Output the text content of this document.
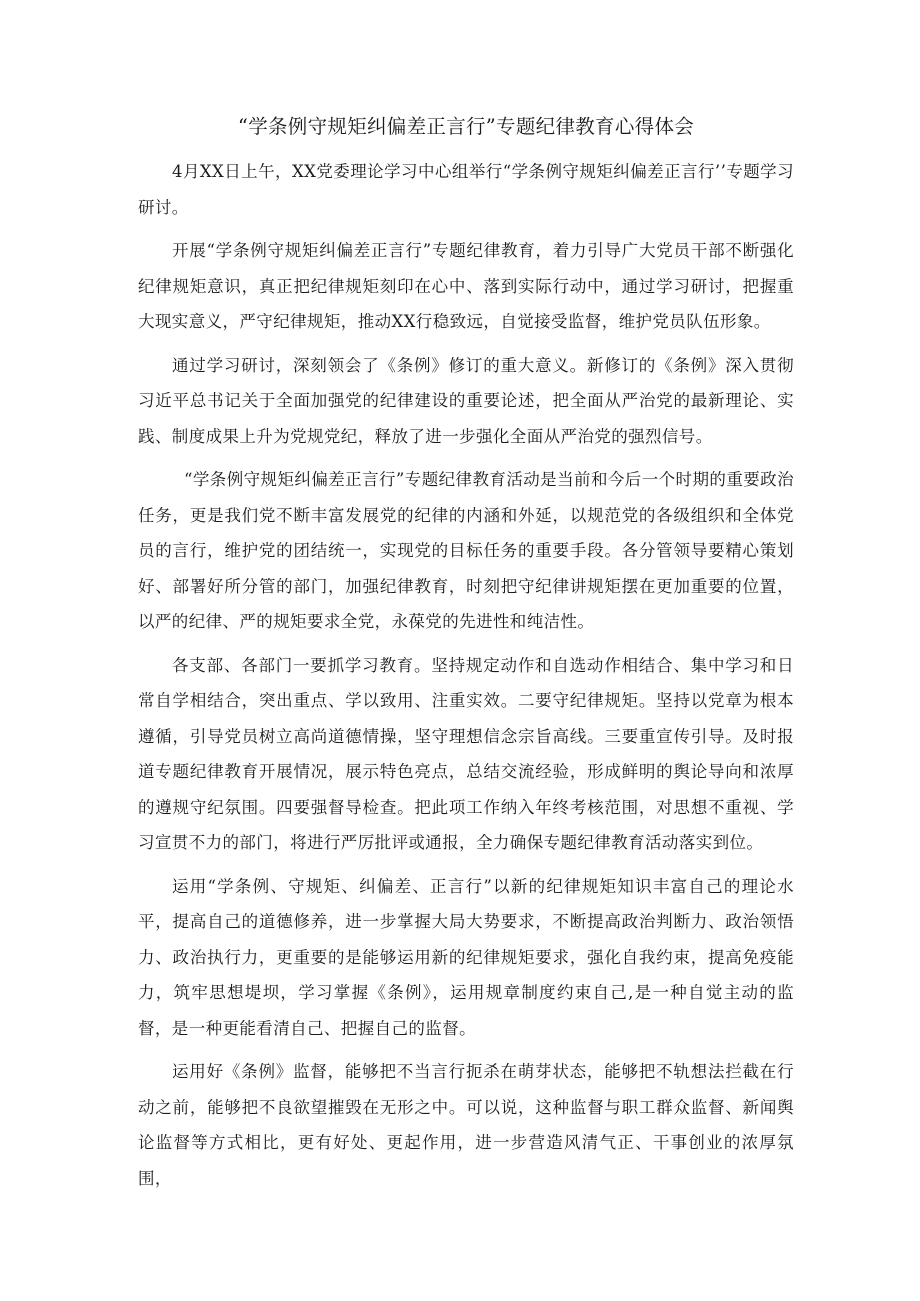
“学条例守规矩纠偏差正言行”专题纪律教育心得体会

4月XX日上午，XX党委理论学习中心组举行“学条例守规矩纠偏差正言行’’专题学习研讨。

开展“学条例守规矩纠偏差正言行”专题纪律教育，着力引导广大党员干部不断强化纪律规矩意识，真正把纪律规矩刻印在心中、落到实际行动中，通过学习研讨，把握重大现实意义，严守纪律规矩，推动XX行稳致远，自觉接受监督，维护党员队伍形象。

通过学习研讨，深刻领会了《条例》修订的重大意义。新修订的《条例》深入贯彻习近平总书记关于全面加强党的纪律建设的重要论述，把全面从严治党的最新理论、实践、制度成果上升为党规党纪，释放了进一步强化全面从严治党的强烈信号。

“学条例守规矩纠偏差正言行”专题纪律教育活动是当前和今后一个时期的重要政治任务，更是我们党不断丰富发展党的纪律的内涵和外延，以规范党的各级组织和全体党员的言行，维护党的团结统一，实现党的目标任务的重要手段。各分管领导要精心策划好、部署好所分管的部门，加强纪律教育，时刻把守纪律讲规矩摆在更加重要的位置，以严的纪律、严的规矩要求全党，永葆党的先进性和纯洁性。

各支部、各部门一要抓学习教育。坚持规定动作和自选动作相结合、集中学习和日常自学相结合，突出重点、学以致用、注重实效。二要守纪律规矩。坚持以党章为根本遵循，引导党员树立高尚道德情操，坚守理想信念宗旨高线。三要重宣传引导。及时报道专题纪律教育开展情况，展示特色亮点，总结交流经验，形成鲜明的舆论导向和浓厚的遵规守纪氛围。四要强督导检查。把此项工作纳入年终考核范围，对思想不重视、学习宣贯不力的部门，将进行严厉批评或通报，全力确保专题纪律教育活动落实到位。

运用“学条例、守规矩、纠偏差、正言行”以新的纪律规矩知识丰富自己的理论水平，提高自己的道德修养，进一步掌握大局大势要求，不断提高政治判断力、政治领悟力、政治执行力，更重要的是能够运用新的纪律规矩要求，强化自我约束，提高免疫能力，筑牢思想堤坝，学习掌握《条例》，运用规章制度约束自己,是一种自觉主动的监督，是一种更能看清自己、把握自己的监督。

运用好《条例》监督，能够把不当言行扼杀在萌芽状态，能够把不轨想法拦截在行动之前，能够把不良欲望摧毁在无形之中。可以说，这种监督与职工群众监督、新闻舆论监督等方式相比，更有好处、更起作用，进一步营造风清气正、干事创业的浓厚氛围，
